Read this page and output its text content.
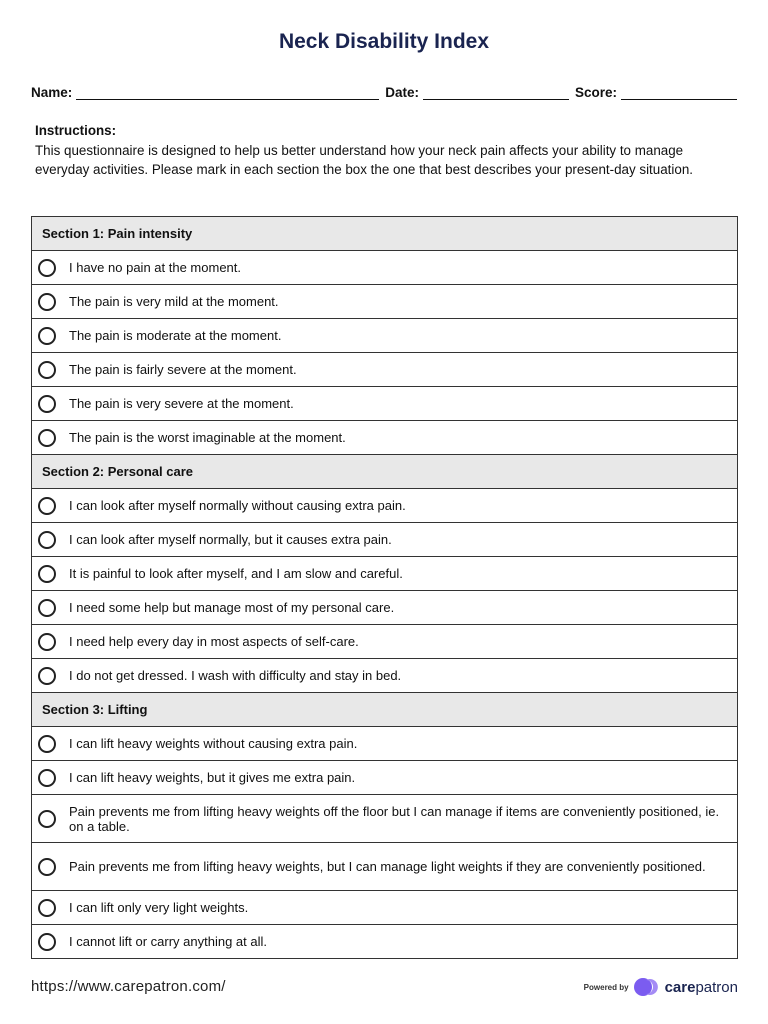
Neck Disability Index
Name:	Date:	Score:
Instructions:
This questionnaire is designed to help us better understand how your neck pain affects your ability to manage everyday activities. Please mark in each section the box the one that best describes your present-day situation.
Section 1: Pain intensity

I have no pain at the moment.

The pain is very mild at the moment.

The pain is moderate at the moment.

The pain is fairly severe at the moment.

The pain is very severe at the moment.

The pain is the worst imaginable at the moment.

Section 2: Personal care

I can look after myself normally without causing extra pain.

I can look after myself normally, but it causes extra pain.

It is painful to look after myself, and I am slow and careful.

I need some help but manage most of my personal care.

I need help every day in most aspects of self-care.

I do not get dressed. I wash with difficulty and stay in bed.

Section 3: Lifting

I can lift heavy weights without causing extra pain.

I can lift heavy weights, but it gives me extra pain.

Pain prevents me from lifting heavy weights off the floor but I can manage if items are conveniently positioned, ie. on a table.

Pain prevents me from lifting heavy weights, but I can manage light weights if they are conveniently positioned.

I can lift only very light weights.

I cannot lift or carry anything at all.
https://www.carepatron.com/	Powered by carepatron
